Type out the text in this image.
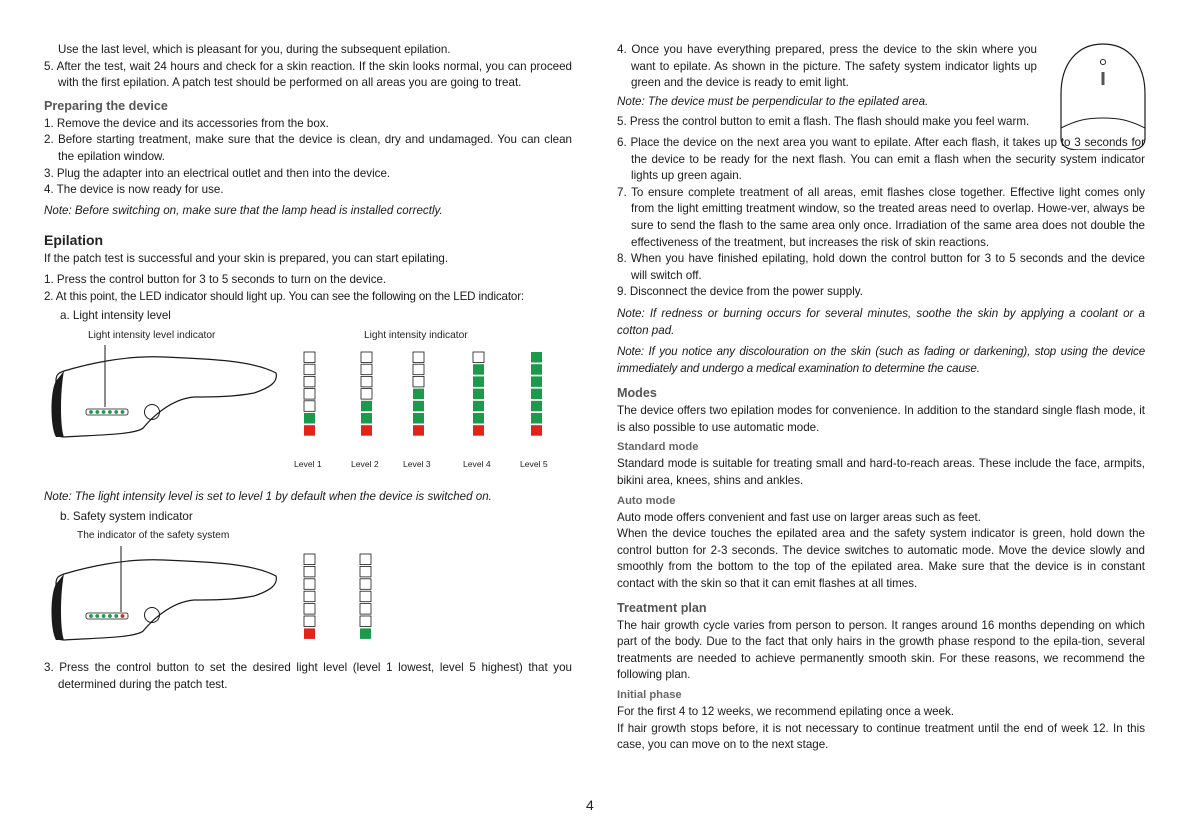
Use the last level, which is pleasant for you, during the subsequent epilation.

5. After the test, wait 24 hours and check for a skin reaction. If the skin looks normal, you can proceed with the first epilation. A patch test should be performed on all areas you are going to treat.

Preparing the device

1. Remove the device and its accessories from the box.

2. Before starting treatment, make sure that the device is clean, dry and undamaged. You can clean the epilation window.

3. Plug the adapter into an electrical outlet and then into the device.

4. The device is now ready for use.

Note: Before switching on, make sure that the lamp head is installed correctly.

Epilation

If the patch test is successful and your skin is prepared, you can start epilating.

1. Press the control button for 3 to 5 seconds to turn on the device.

2. At this point, the LED indicator should light up. You can see the following on the LED indicator:

a. Light intensity level

Light intensity level indicator	Light intensity indicator
Level 1	Level 2	Level 3	Level 4	Level 5

Note: The light intensity level is set to level 1 by default when the device is switched on.

b. Safety system indicator

The indicator of the safety system

3. Press the control button to set the desired light level (level 1 lowest, level 5 highest) that you determined during the patch test.

4. Once you have everything prepared, press the device to the skin where you want to epilate. As shown in the picture. The safety system indicator lights up green and the device is ready to emit light.

Note: The device must be perpendicular to the epilated area.

5. Press the control button to emit a flash. The flash should make you feel warm.

6. Place the device on the next area you want to epilate. After each flash, it takes up to 3 seconds for the device to be ready for the next flash. You can emit a flash when the security system indicator lights up green again.

7. To ensure complete treatment of all areas, emit flashes close together. Effective light comes only from the light emitting treatment window, so the treated areas need to overlap. Howe-ver, always be sure to send the flash to the same area only once. Irradiation of the same area does not double the effectiveness of the treatment, but increases the risk of skin reactions.

8. When you have finished epilating, hold down the control button for 3 to 5 seconds and the device will switch off.

9. Disconnect the device from the power supply.

Note: If redness or burning occurs for several minutes, soothe the skin by applying a coolant or a cotton pad.

Note: If you notice any discolouration on the skin (such as fading or darkening), stop using the device immediately and undergo a medical examination to determine the cause.

Modes

The device offers two epilation modes for convenience. In addition to the standard single flash mode, it is also possible to use automatic mode.

Standard mode

Standard mode is suitable for treating small and hard-to-reach areas. These include the face, armpits, bikini area, knees, shins and ankles.

Auto mode

Auto mode offers convenient and fast use on larger areas such as feet.

When the device touches the epilated area and the safety system indicator is green, hold down the control button for 2-3 seconds. The device switches to automatic mode. Move the device slowly and smoothly from the bottom to the top of the epilated area. Make sure that the device is in constant contact with the skin so that it can emit flashes at all times.

Treatment plan

The hair growth cycle varies from person to person. It ranges around 16 months depending on which part of the body. Due to the fact that only hairs in the growth phase respond to the epila-tion, several treatments are needed to achieve permanently smooth skin. For these reasons, we recommend the following plan.

Initial phase

For the first 4 to 12 weeks, we recommend epilating once a week.

If hair growth stops before, it is not necessary to continue treatment until the end of week 12. In this case, you can move on to the next stage.

4
